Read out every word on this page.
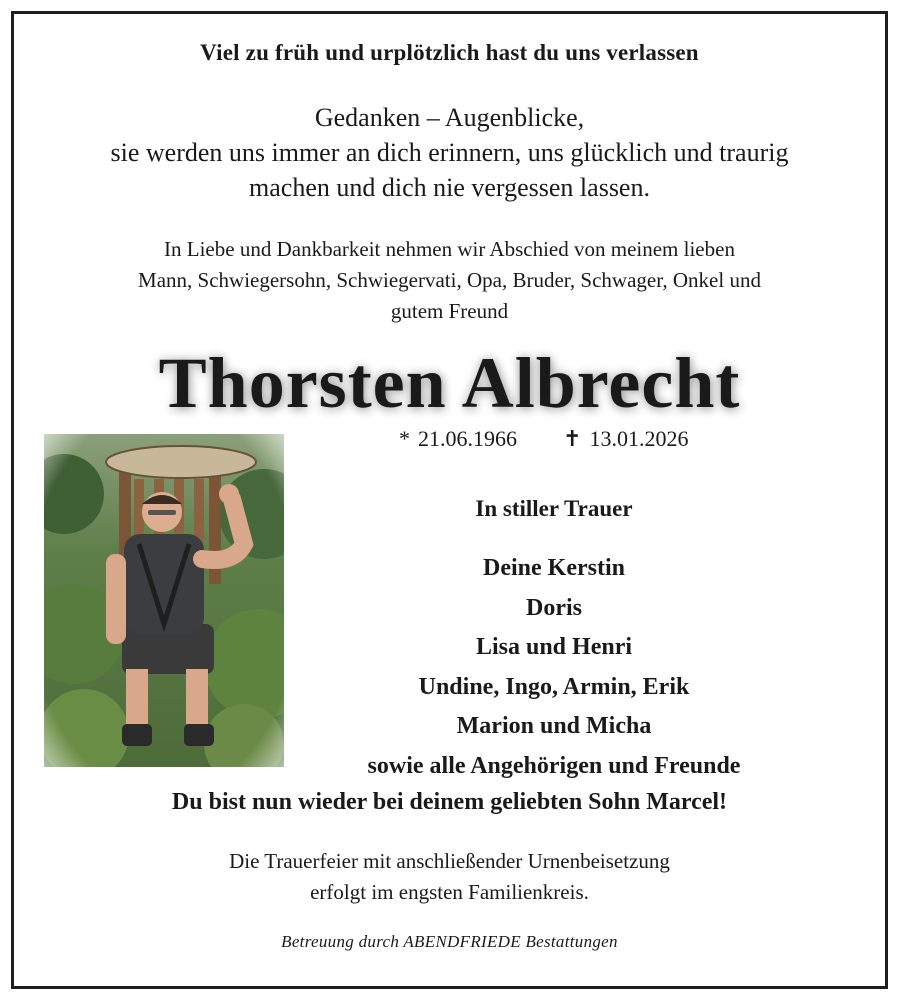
Viel zu früh und urplötzlich hast du uns verlassen
Gedanken – Augenblicke,
sie werden uns immer an dich erinnern, uns glücklich und traurig
machen und dich nie vergessen lassen.
In Liebe und Dankbarkeit nehmen wir Abschied von meinem lieben
Mann, Schwiegersohn, Schwiegervati, Opa, Bruder, Schwager, Onkel und
gutem Freund
Thorsten Albrecht
* 21.06.1966 ✝ 13.01.2026
In stiller Trauer
Deine Kerstin
Doris
Lisa und Henri
Undine, Ingo, Armin, Erik
Marion und Micha
sowie alle Angehörigen und Freunde
Du bist nun wieder bei deinem geliebten Sohn Marcel!
Die Trauerfeier mit anschließender Urnenbeisetzung
erfolgt im engsten Familienkreis.
Betreuung durch ABENDFRIEDE Bestattungen
